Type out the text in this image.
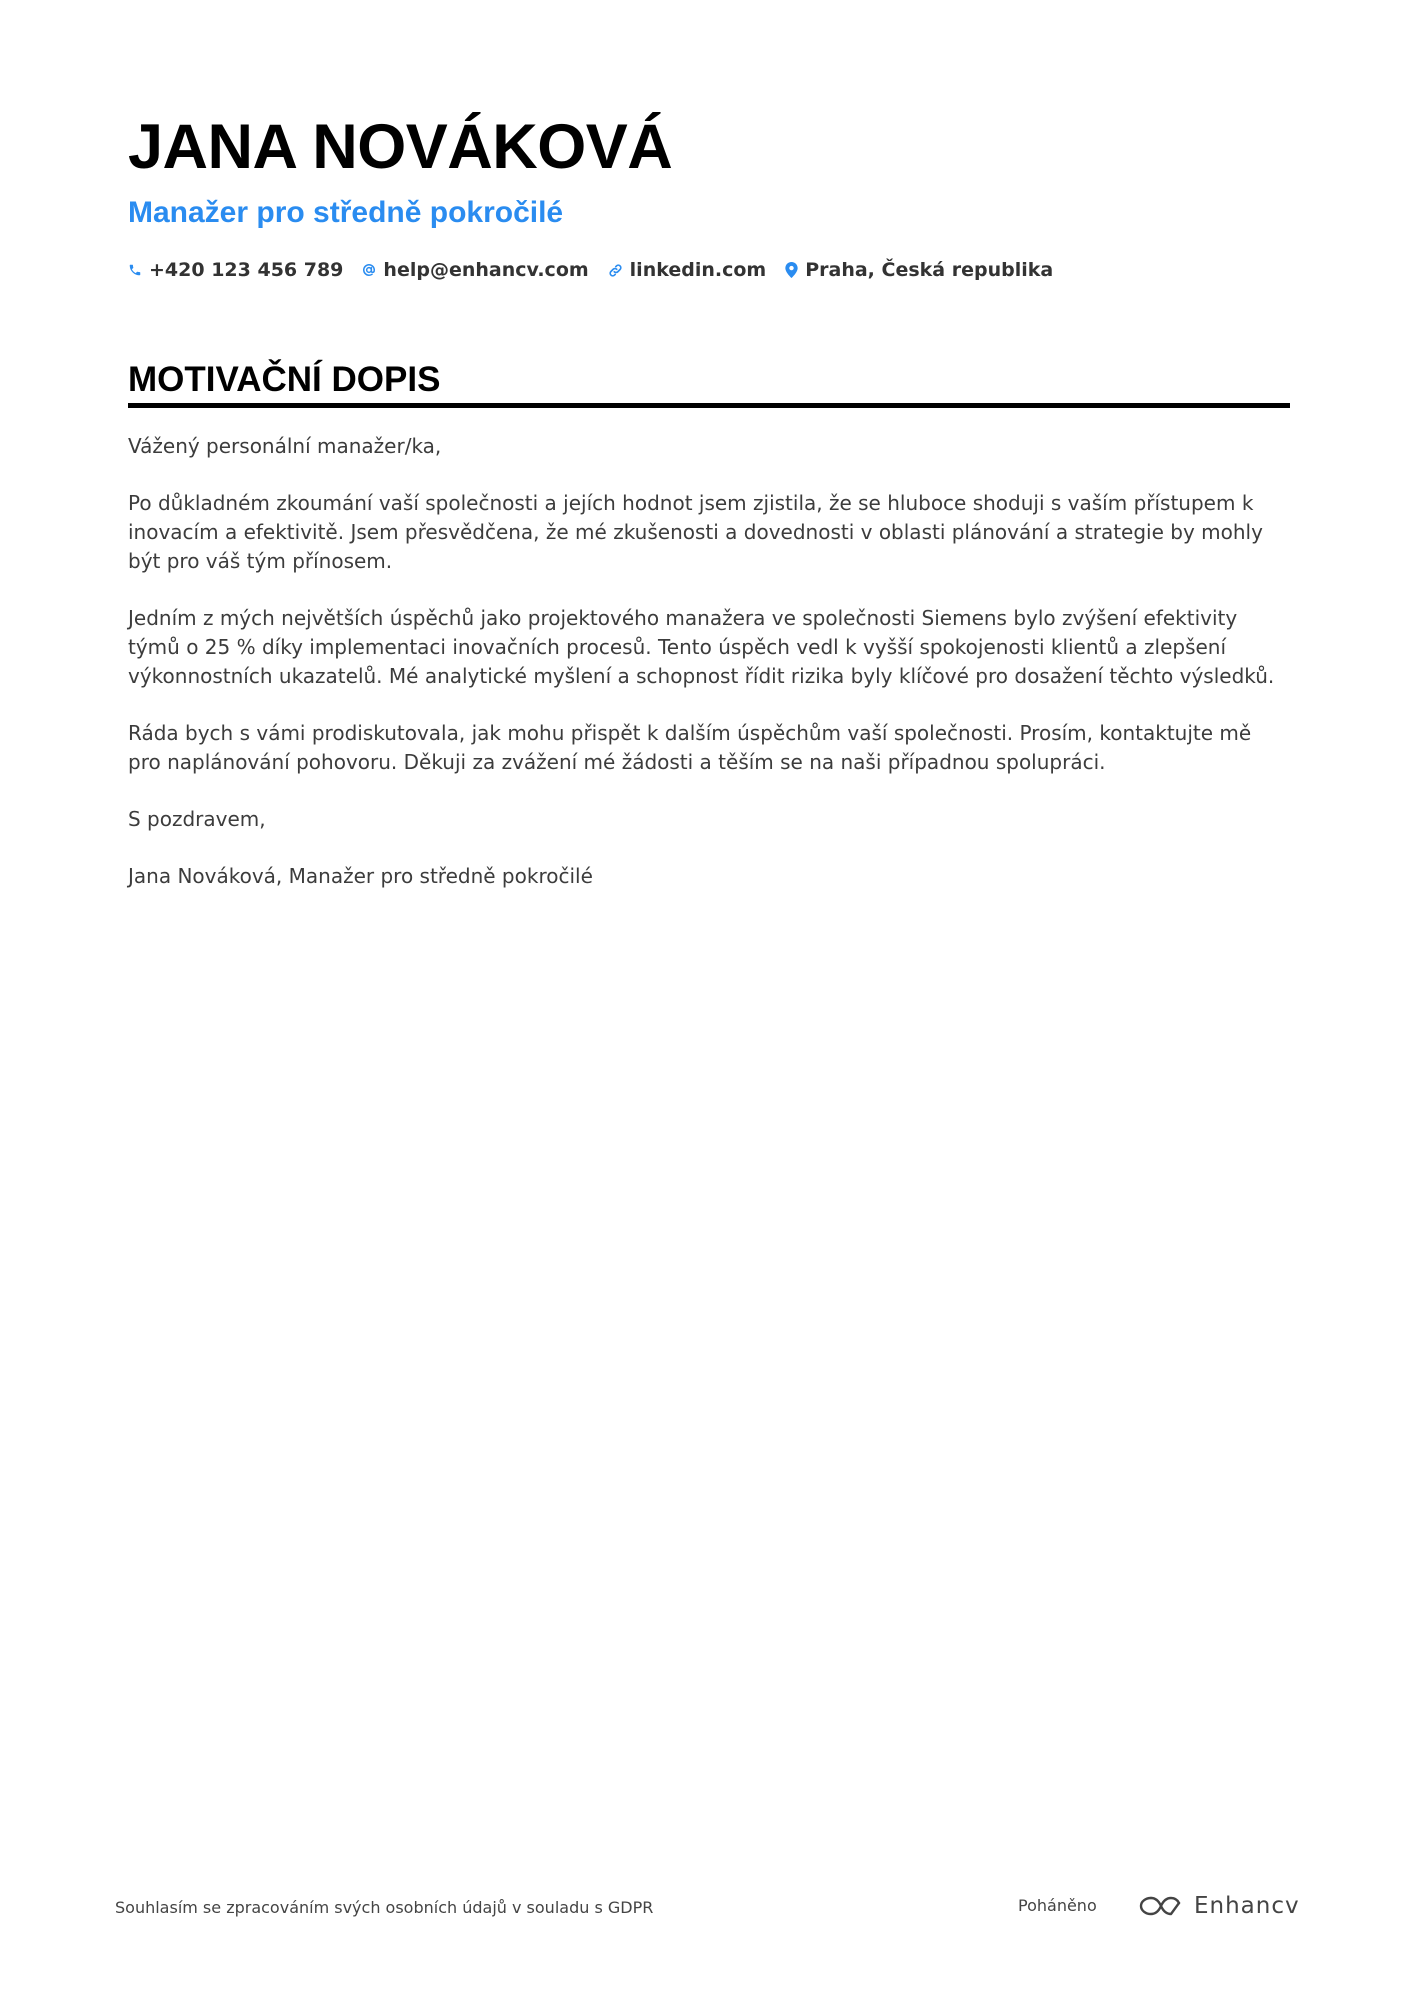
JANA NOVÁKOVÁ
Manažer pro středně pokročilé
+420 123 456 789 help@enhancv.com linkedin.com Praha, Česká republika
MOTIVAČNÍ DOPIS

Vážený personální manažer/ka,

Po důkladném zkoumání vaší společnosti a jejích hodnot jsem zjistila, že se hluboce shoduji s vaším přístupem k inovacím a efektivitě. Jsem přesvědčena, že mé zkušenosti a dovednosti v oblasti plánování a strategie by mohly být pro váš tým přínosem.

Jedním z mých největších úspěchů jako projektového manažera ve společnosti Siemens bylo zvýšení efektivity týmů o 25 % díky implementaci inovačních procesů. Tento úspěch vedl k vyšší spokojenosti klientů a zlepšení výkonnostních ukazatelů. Mé analytické myšlení a schopnost řídit rizika byly klíčové pro dosažení těchto výsledků.

Ráda bych s vámi prodiskutovala, jak mohu přispět k dalším úspěchům vaší společnosti. Prosím, kontaktujte mě pro naplánování pohovoru. Děkuji za zvážení mé žádosti a těším se na naši případnou spolupráci.

S pozdravem,

Jana Nováková, Manažer pro středně pokročilé

Souhlasím se zpracováním svých osobních údajů v souladu s GDPR	Poháněno	Enhancv
